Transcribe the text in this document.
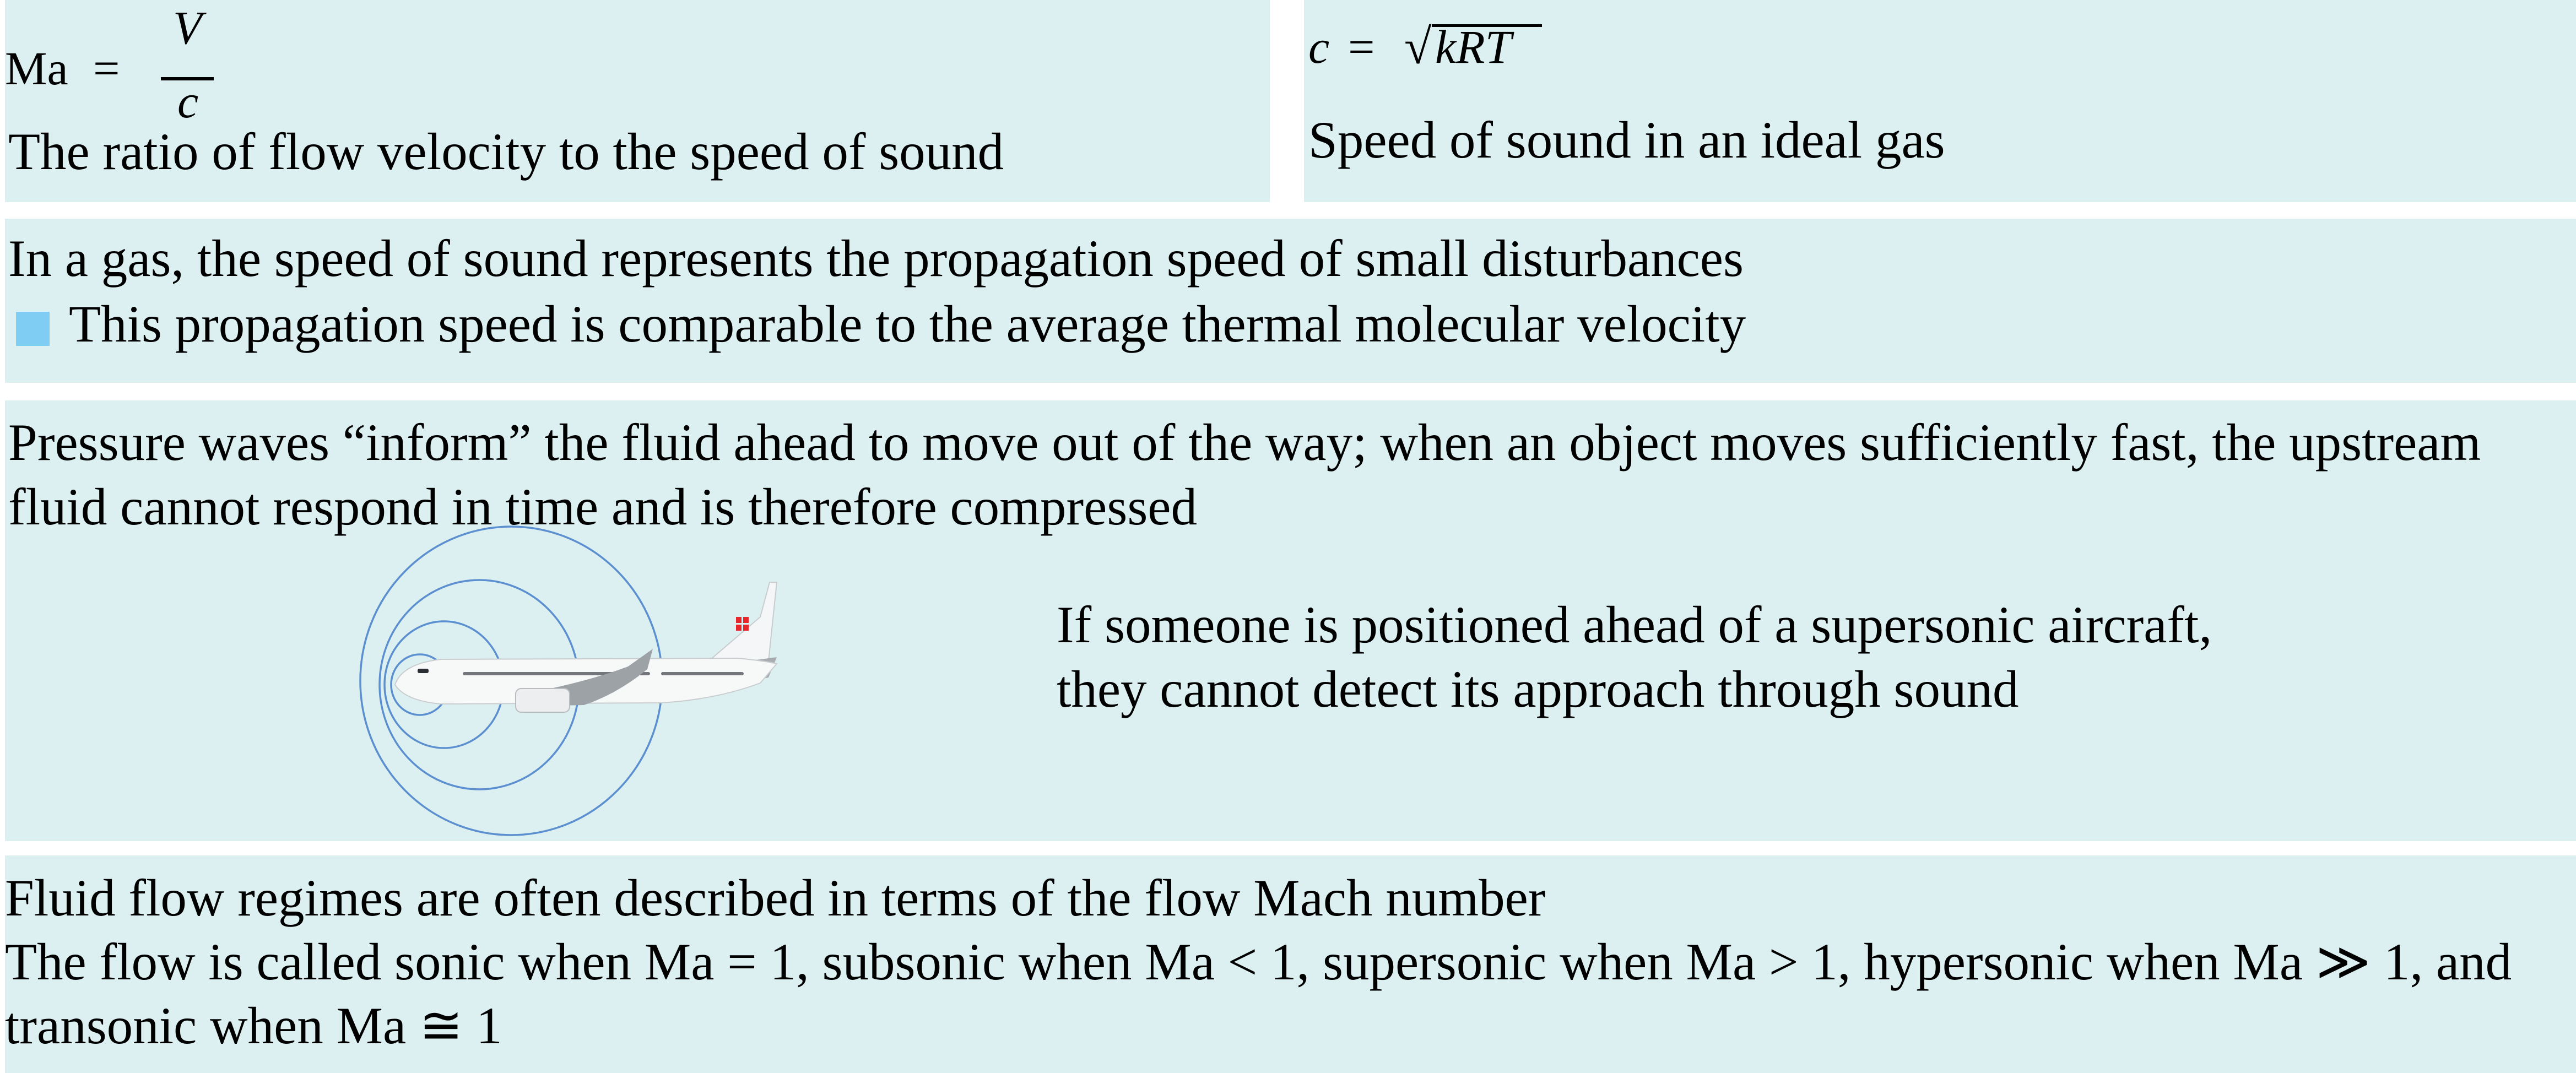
Ma =
V
c
The ratio of flow velocity to the speed of sound
c = √ kRT
Speed of sound in an ideal gas
In a gas, the speed of sound represents the propagation speed of small disturbances
This propagation speed is comparable to the average thermal molecular velocity
Pressure waves “inform” the fluid ahead to move out of the way; when an object moves sufficiently fast, the upstream
fluid cannot respond in time and is therefore compressed
If someone is positioned ahead of a supersonic aircraft,
they cannot detect its approach through sound
Fluid flow regimes are often described in terms of the flow Mach number
The flow is called sonic when Ma = 1, subsonic when Ma < 1, supersonic when Ma > 1, hypersonic when Ma ≫ 1, and
transonic when Ma ≅ 1
